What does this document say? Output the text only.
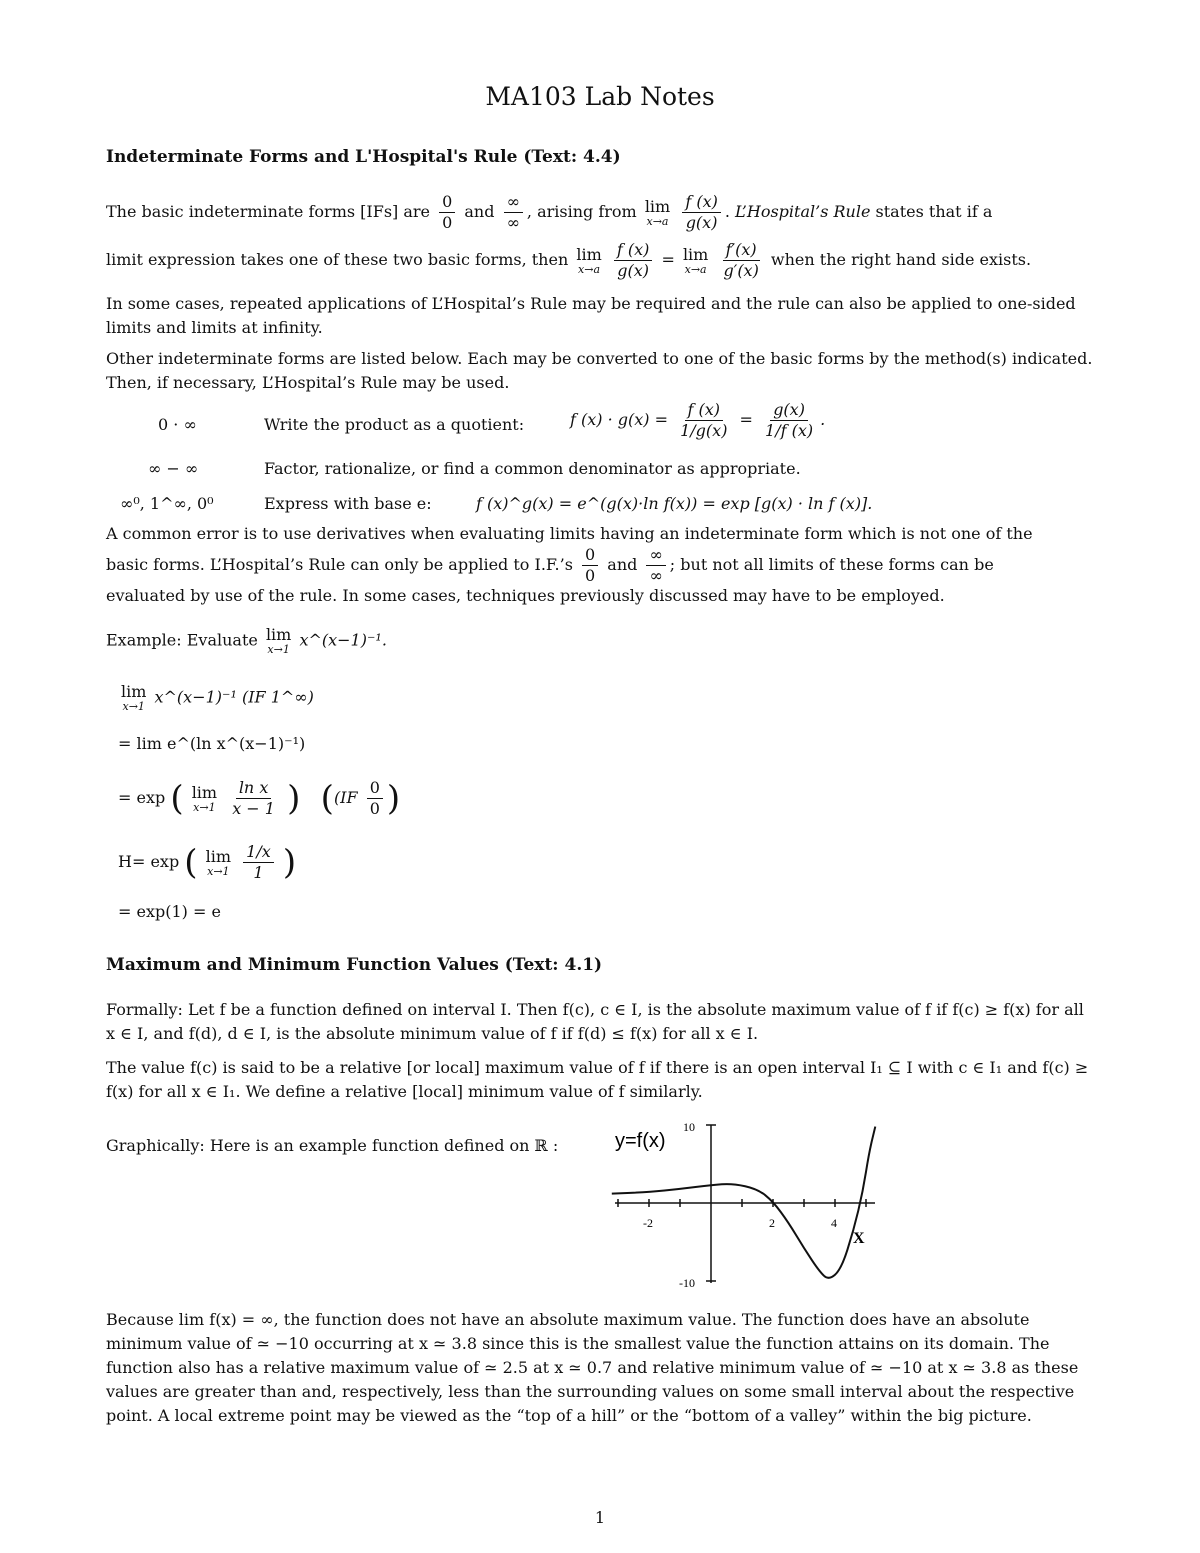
MA103 Lab Notes
Indeterminate Forms and L'Hospital's Rule (Text: 4.4)
The basic indeterminate forms [IFs] are $\frac{0}{0}$ and $\frac{\infty}{\infty}$ , arising from lim
x→a
$\frac{f (x)}{g(x)}$ . L’Hospital’s Rule states that if a
limit expression takes one of these two basic forms, then lim
x→a
$\frac{f (x)}{g(x)} = \lim$
x→a
$\frac{f'(x)}{g'(x)}$ when the right hand side exists.
In some cases, repeated applications of L’Hospital’s Rule may be required and the rule can also be applied to one-sided limits and limits at infinity.
Other indeterminate forms are listed below. Each may be converted to one of the basic forms by the method(s) indicated. Then, if necessary, L’Hospital’s Rule may be used.
0 · ∞	Write the product as a quotient:	f $(x) \cdot g(x) = \frac{f (x)}{1/g(x)} = \frac{g(x)}{1/f (x)}$ .
∞ − ∞	Factor, rationalize, or find a common denominator as appropriate.
∞⁰, 1^∞, 0⁰	Express with base e:	f (x)^g(x) = e^(g(x)·ln f(x)) = exp [g(x) · ln f (x)].
A common error is to use derivatives when evaluating limits having an indeterminate form which is not one of the
basic forms. L’Hospital’s Rule can only be applied to I.F.’s $\frac{0}{0}$ and $\frac{\infty}{\infty}$ ; but not all limits of these forms can be
evaluated by use of the rule. In some cases, techniques previously discussed may have to be employed.
Example: Evaluate lim
x→1 x^(x−1)⁻¹.
lim
x→1 x^(x−1)⁻¹ (IF 1^∞)
= lim e^(ln x^(x−1)⁻¹)
= exp ( lim
x→1
$\frac{\text{ln x}}{x - 1}$ ) (($IF \frac{0}{0}$ )
H= exp ( lim
x→1
$\frac{1/x}{1}$ )
= exp(1) = e
Maximum and Minimum Function Values (Text: 4.1)
Formally: Let f be a function defined on interval I. Then f(c), c ∈ I, is the absolute maximum value of f if f(c) ≥ f(x) for all x ∈ I, and f(d), d ∈ I, is the absolute minimum value of f if f(d) ≤ f(x) for all x ∈ I.
The value f(c) is said to be a relative [or local] maximum value of f if there is an open interval I₁ ⊆ I with c ∈ I₁ and f(c) ≥ f(x) for all x ∈ I₁. We define a relative [local] minimum value of f similarly.
Graphically: Here is an example function defined on ℝ :	y=f(x)
10
-10
-2	2	4
X
Because lim f(x) = ∞, the function does not have an absolute maximum value. The function does have an absolute minimum value of ≃ −10 occurring at x ≃ 3.8 since this is the smallest value the function attains on its domain. The function also has a relative maximum value of ≃ 2.5 at x ≃ 0.7 and relative minimum value of ≃ −10 at x ≃ 3.8 as these values are greater than and, respectively, less than the surrounding values on some small interval about the respective point. A local extreme point may be viewed as the “top of a hill” or the “bottom of a valley” within the big picture.
1
